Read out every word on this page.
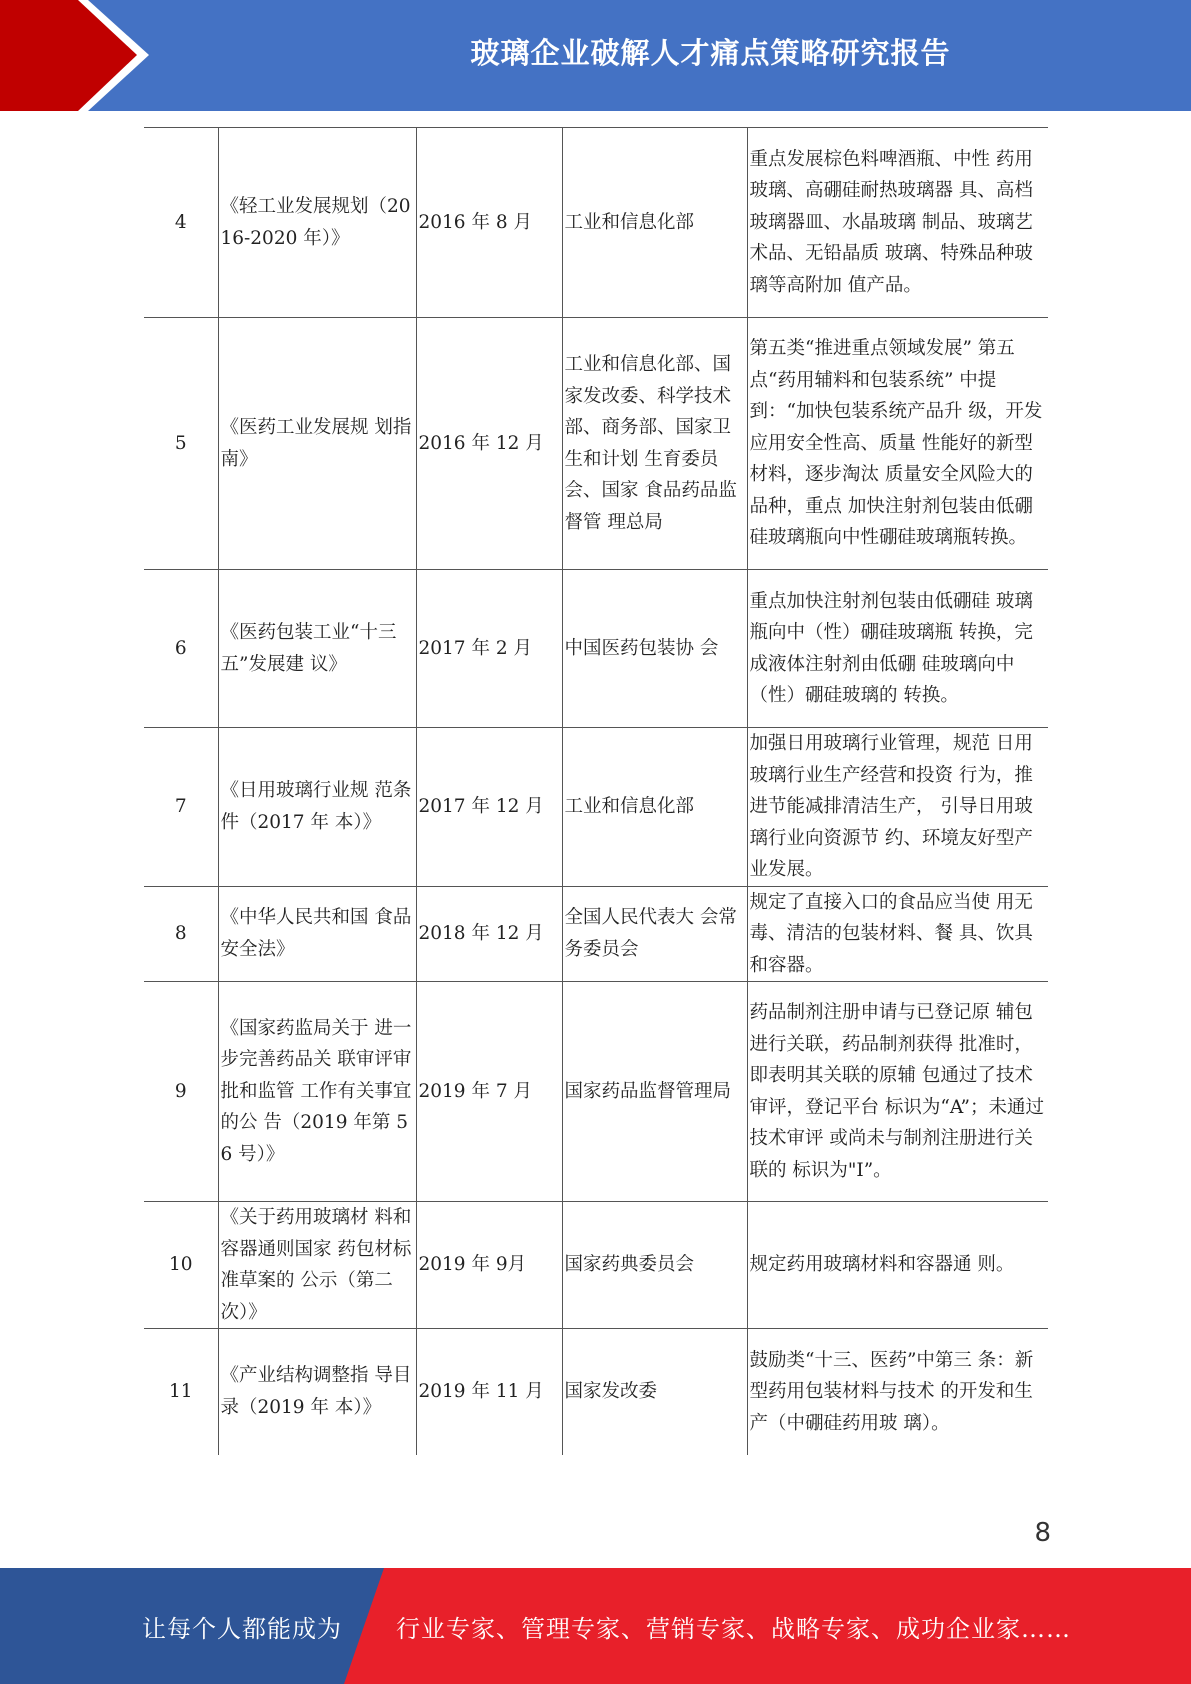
玻璃企业破解人才痛点策略研究报告
4	《轻工业发展规划（2016-2020 年）》	2016 年 8 月	工业和信息化部	重点发展棕色料啤酒瓶、中性 药用玻璃、高硼硅耐热玻璃器 具、高档玻璃器皿、水晶玻璃 制品、玻璃艺术品、无铅晶质 玻璃、特殊品种玻璃等高附加 值产品。
5	《医药工业发展规 划指南》	2016 年 12 月	工业和信息化部、国家发改委、科学技术部、商务部、国家卫生和计划 生育委员会、国家 食品药品监督管 理总局	第五类“推进重点领域发展” 第五点“药用辅料和包装系统” 中提到：“加快包装系统产品升 级，开发应用安全性高、质量 性能好的新型材料，逐步淘汰 质量安全风险大的品种，重点 加快注射剂包装由低硼硅玻璃瓶向中性硼硅玻璃瓶转换。
6	《医药包装工业“十三五”发展建 议》	2017 年 2 月	中国医药包装协 会	重点加快注射剂包装由低硼硅 玻璃瓶向中（性）硼硅玻璃瓶 转换，完成液体注射剂由低硼 硅玻璃向中（性）硼硅玻璃的 转换。
7	《日用玻璃行业规 范条件（2017 年 本）》	2017 年 12 月	工业和信息化部	加强日用玻璃行业管理，规范 日用玻璃行业生产经营和投资 行为，推进节能减排清洁生产， 引导日用玻璃行业向资源节 约、环境友好型产业发展。
8	《中华人民共和国 食品安全法》	2018 年 12 月	全国人民代表大 会常务委员会	规定了直接入口的食品应当使 用无毒、清洁的包装材料、餐 具、饮具和容器。
9	《国家药监局关于 进一步完善药品关 联审评审批和监管 工作有关事宜的公 告（2019 年第 56 号）》	2019 年 7 月	国家药品监督管理局	药品制剂注册申请与已登记原 辅包进行关联，药品制剂获得 批准时，即表明其关联的原辅 包通过了技术审评，登记平台 标识为“A”；未通过技术审评 或尚未与制剂注册进行关联的 标识为"I”。
10	《关于药用玻璃材 料和容器通则国家 药包材标准草案的 公示（第二次）》	2019 年 9月	国家药典委员会	规定药用玻璃材料和容器通 则。
11	《产业结构调整指 导目录（2019 年 本）》	2019 年 11 月	国家发改委	鼓励类“十三、医药”中第三 条：新型药用包装材料与技术 的开发和生产（中硼硅药用玻 璃）。
8
让每个人都能成为 行业专家、管理专家、营销专家、战略专家、成功企业家……
